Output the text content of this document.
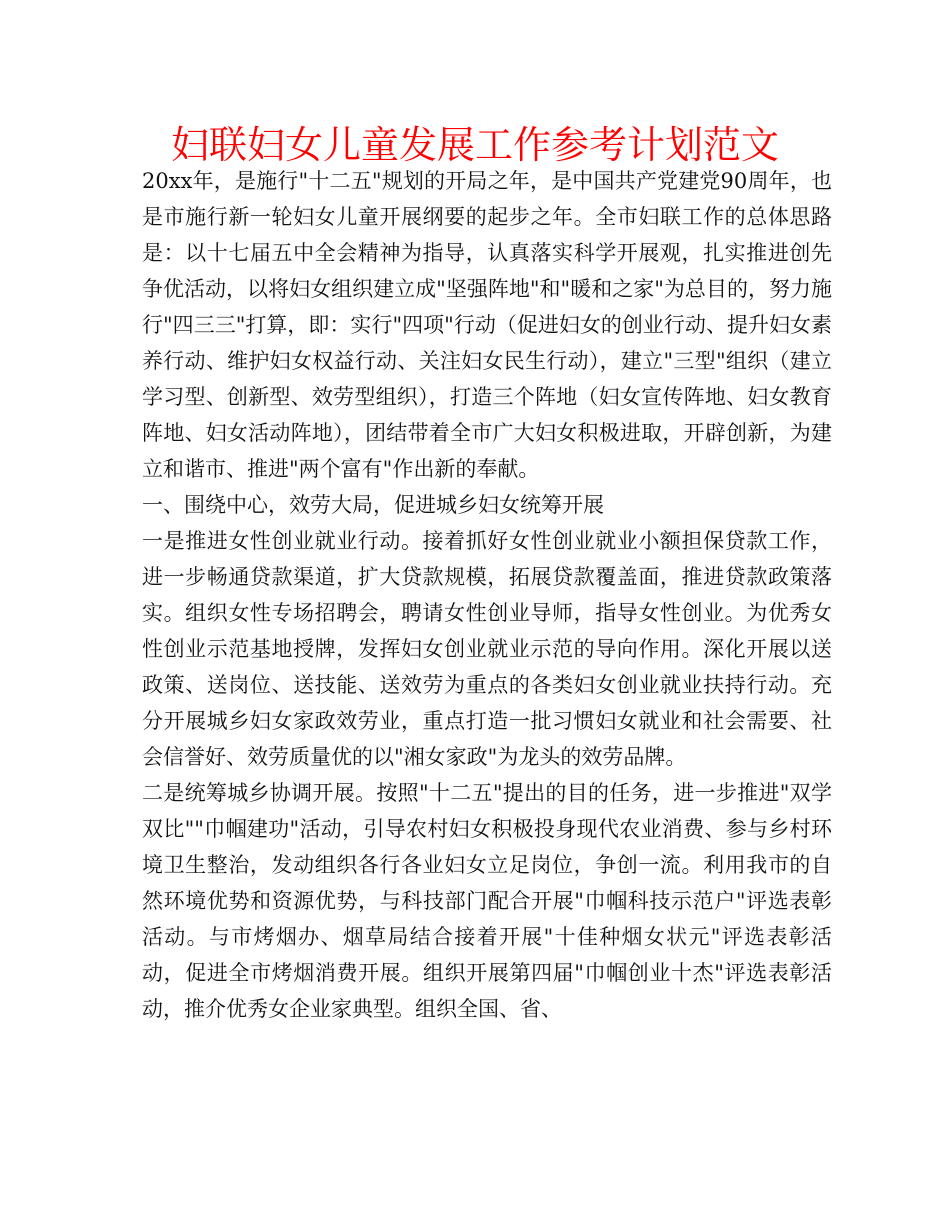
妇联妇女儿童发展工作参考计划范文

20xx年，是施行"十二五"规划的开局之年，是中国共产党建党90周年，也是市施行新一轮妇女儿童开展纲要的起步之年。全市妇联工作的总体思路是：以十七届五中全会精神为指导，认真落实科学开展观，扎实推进创先争优活动，以将妇女组织建立成"坚强阵地"和"暖和之家"为总目的，努力施行"四三三"打算，即：实行"四项"行动（促进妇女的创业行动、提升妇女素养行动、维护妇女权益行动、关注妇女民生行动），建立"三型"组织（建立学习型、创新型、效劳型组织），打造三个阵地（妇女宣传阵地、妇女教育阵地、妇女活动阵地），团结带着全市广大妇女积极进取，开辟创新，为建立和谐市、推进"两个富有"作出新的奉献。

一、围绕中心，效劳大局，促进城乡妇女统筹开展

一是推进女性创业就业行动。接着抓好女性创业就业小额担保贷款工作，进一步畅通贷款渠道，扩大贷款规模，拓展贷款覆盖面，推进贷款政策落实。组织女性专场招聘会，聘请女性创业导师，指导女性创业。为优秀女性创业示范基地授牌，发挥妇女创业就业示范的导向作用。深化开展以送政策、送岗位、送技能、送效劳为重点的各类妇女创业就业扶持行动。充分开展城乡妇女家政效劳业，重点打造一批习惯妇女就业和社会需要、社会信誉好、效劳质量优的以"湘女家政"为龙头的效劳品牌。

二是统筹城乡协调开展。按照"十二五"提出的目的任务，进一步推进"双学双比""巾帼建功"活动，引导农村妇女积极投身现代农业消费、参与乡村环境卫生整治，发动组织各行各业妇女立足岗位，争创一流。利用我市的自然环境优势和资源优势，与科技部门配合开展"巾帼科技示范户"评选表彰活动。与市烤烟办、烟草局结合接着开展"十佳种烟女状元"评选表彰活动，促进全市烤烟消费开展。组织开展第四届"巾帼创业十杰"评选表彰活动，推介优秀女企业家典型。组织全国、省、
